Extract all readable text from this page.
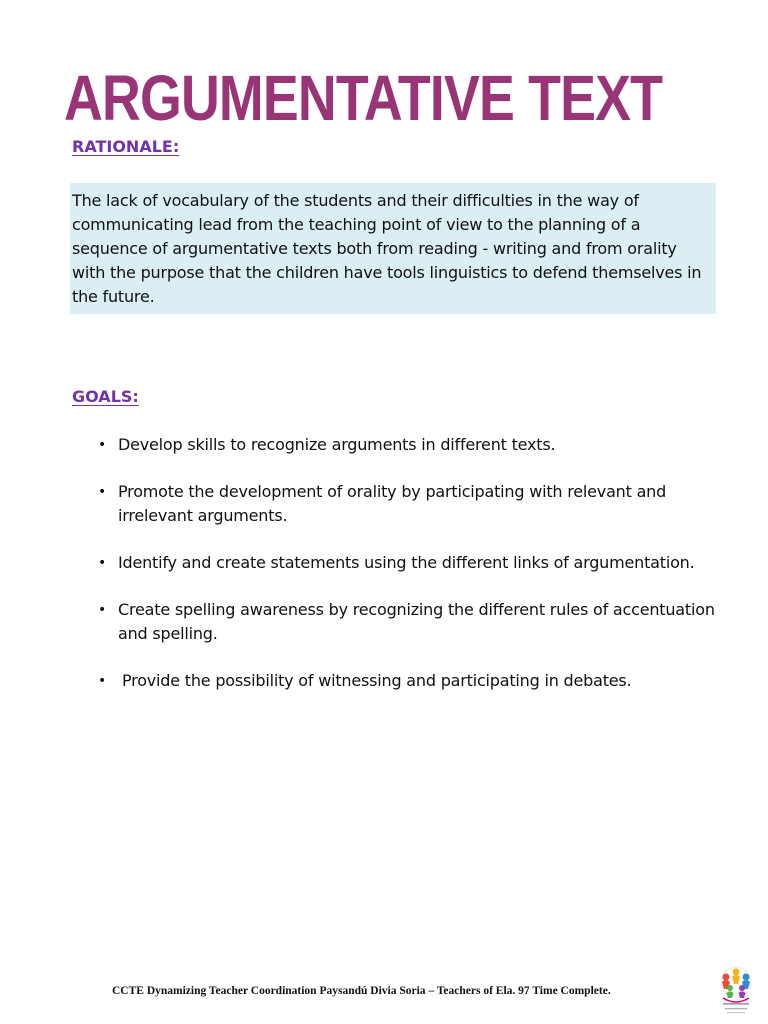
ARGUMENTATIVE TEXT
RATIONALE:

The lack of vocabulary of the students and their difficulties in the way of communicating lead from the teaching point of view to the planning of a sequence of argumentative texts both from reading - writing and from orality with the purpose that the children have tools linguistics to defend themselves in the future.

GOALS:
• Develop skills to recognize arguments in different texts.
• Promote the development of orality by participating with relevant and irrelevant arguments.
• Identify and create statements using the different links of argumentation.
• Create spelling awareness by recognizing the different rules of accentuation and spelling.
• Provide the possibility of witnessing and participating in debates.

CCTE Dynamizing Teacher Coordination Paysandú Divia Soria – Teachers of Ela. 97 Time Complete.
